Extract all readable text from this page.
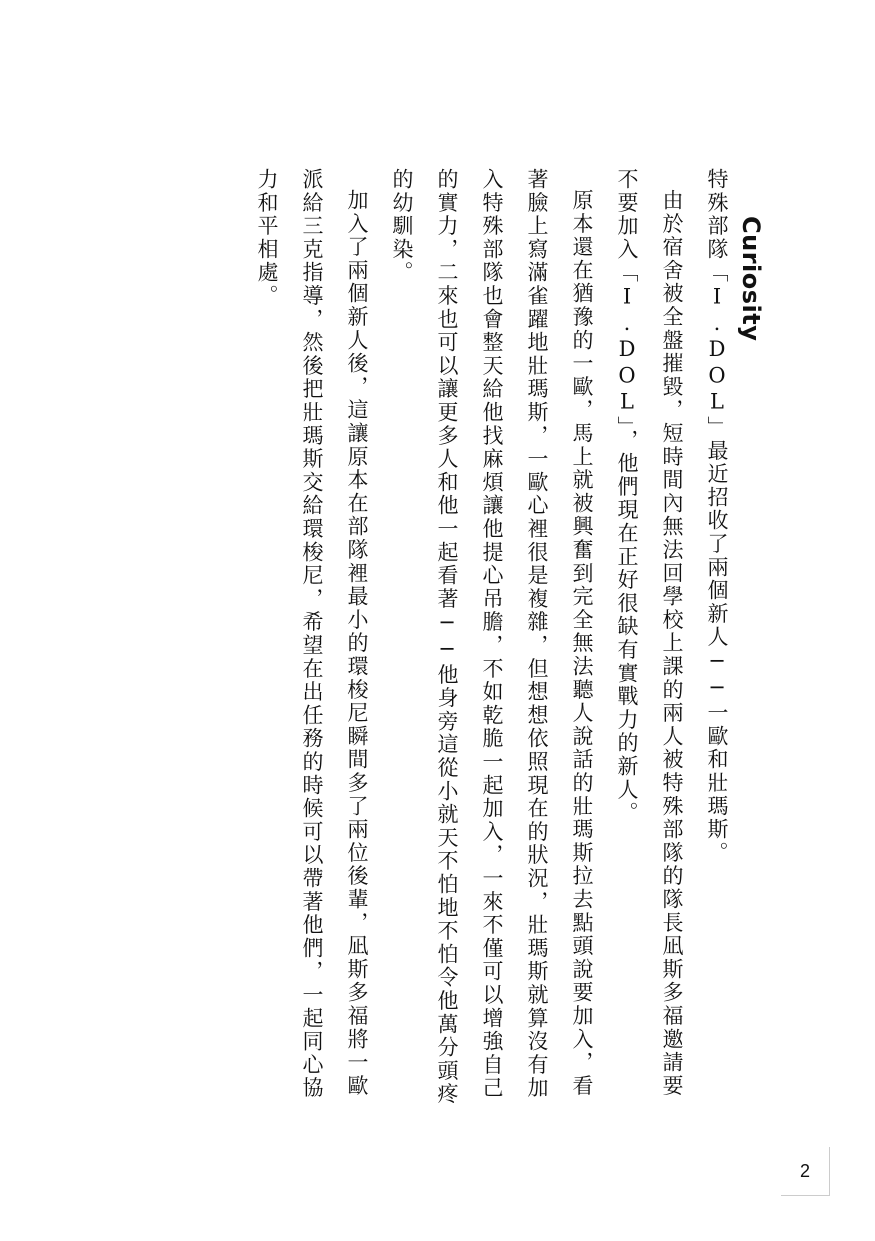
Curiosity

特殊部隊「I.DOL」最近招收了兩個新人──一歐和壯瑪斯。

由於宿舍被全盤摧毀，短時間內無法回學校上課的兩人被特殊部隊的隊長凪斯多福邀請要不要加入「I.DOL」，他們現在正好很缺有實戰力的新人。

原本還在猶豫的一歐，馬上就被興奮到完全無法聽人說話的壯瑪斯拉去點頭說要加入，看著臉上寫滿雀躍地壯瑪斯，一歐心裡很是複雜，但想想依照現在的狀況，壯瑪斯就算沒有加入特殊部隊也會整天給他找麻煩讓他提心吊膽，不如乾脆一起加入，一來不僅可以增強自己的實力，二來也可以讓更多人和他一起看著──他身旁這從小就天不怕地不怕令他萬分頭疼的幼馴染。

加入了兩個新人後，這讓原本在部隊裡最小的環梭尼瞬間多了兩位後輩，凪斯多福將一歐派給三克指導，然後把壯瑪斯交給環梭尼，希望在出任務的時候可以帶著他們，一起同心協力和平相處。

2
